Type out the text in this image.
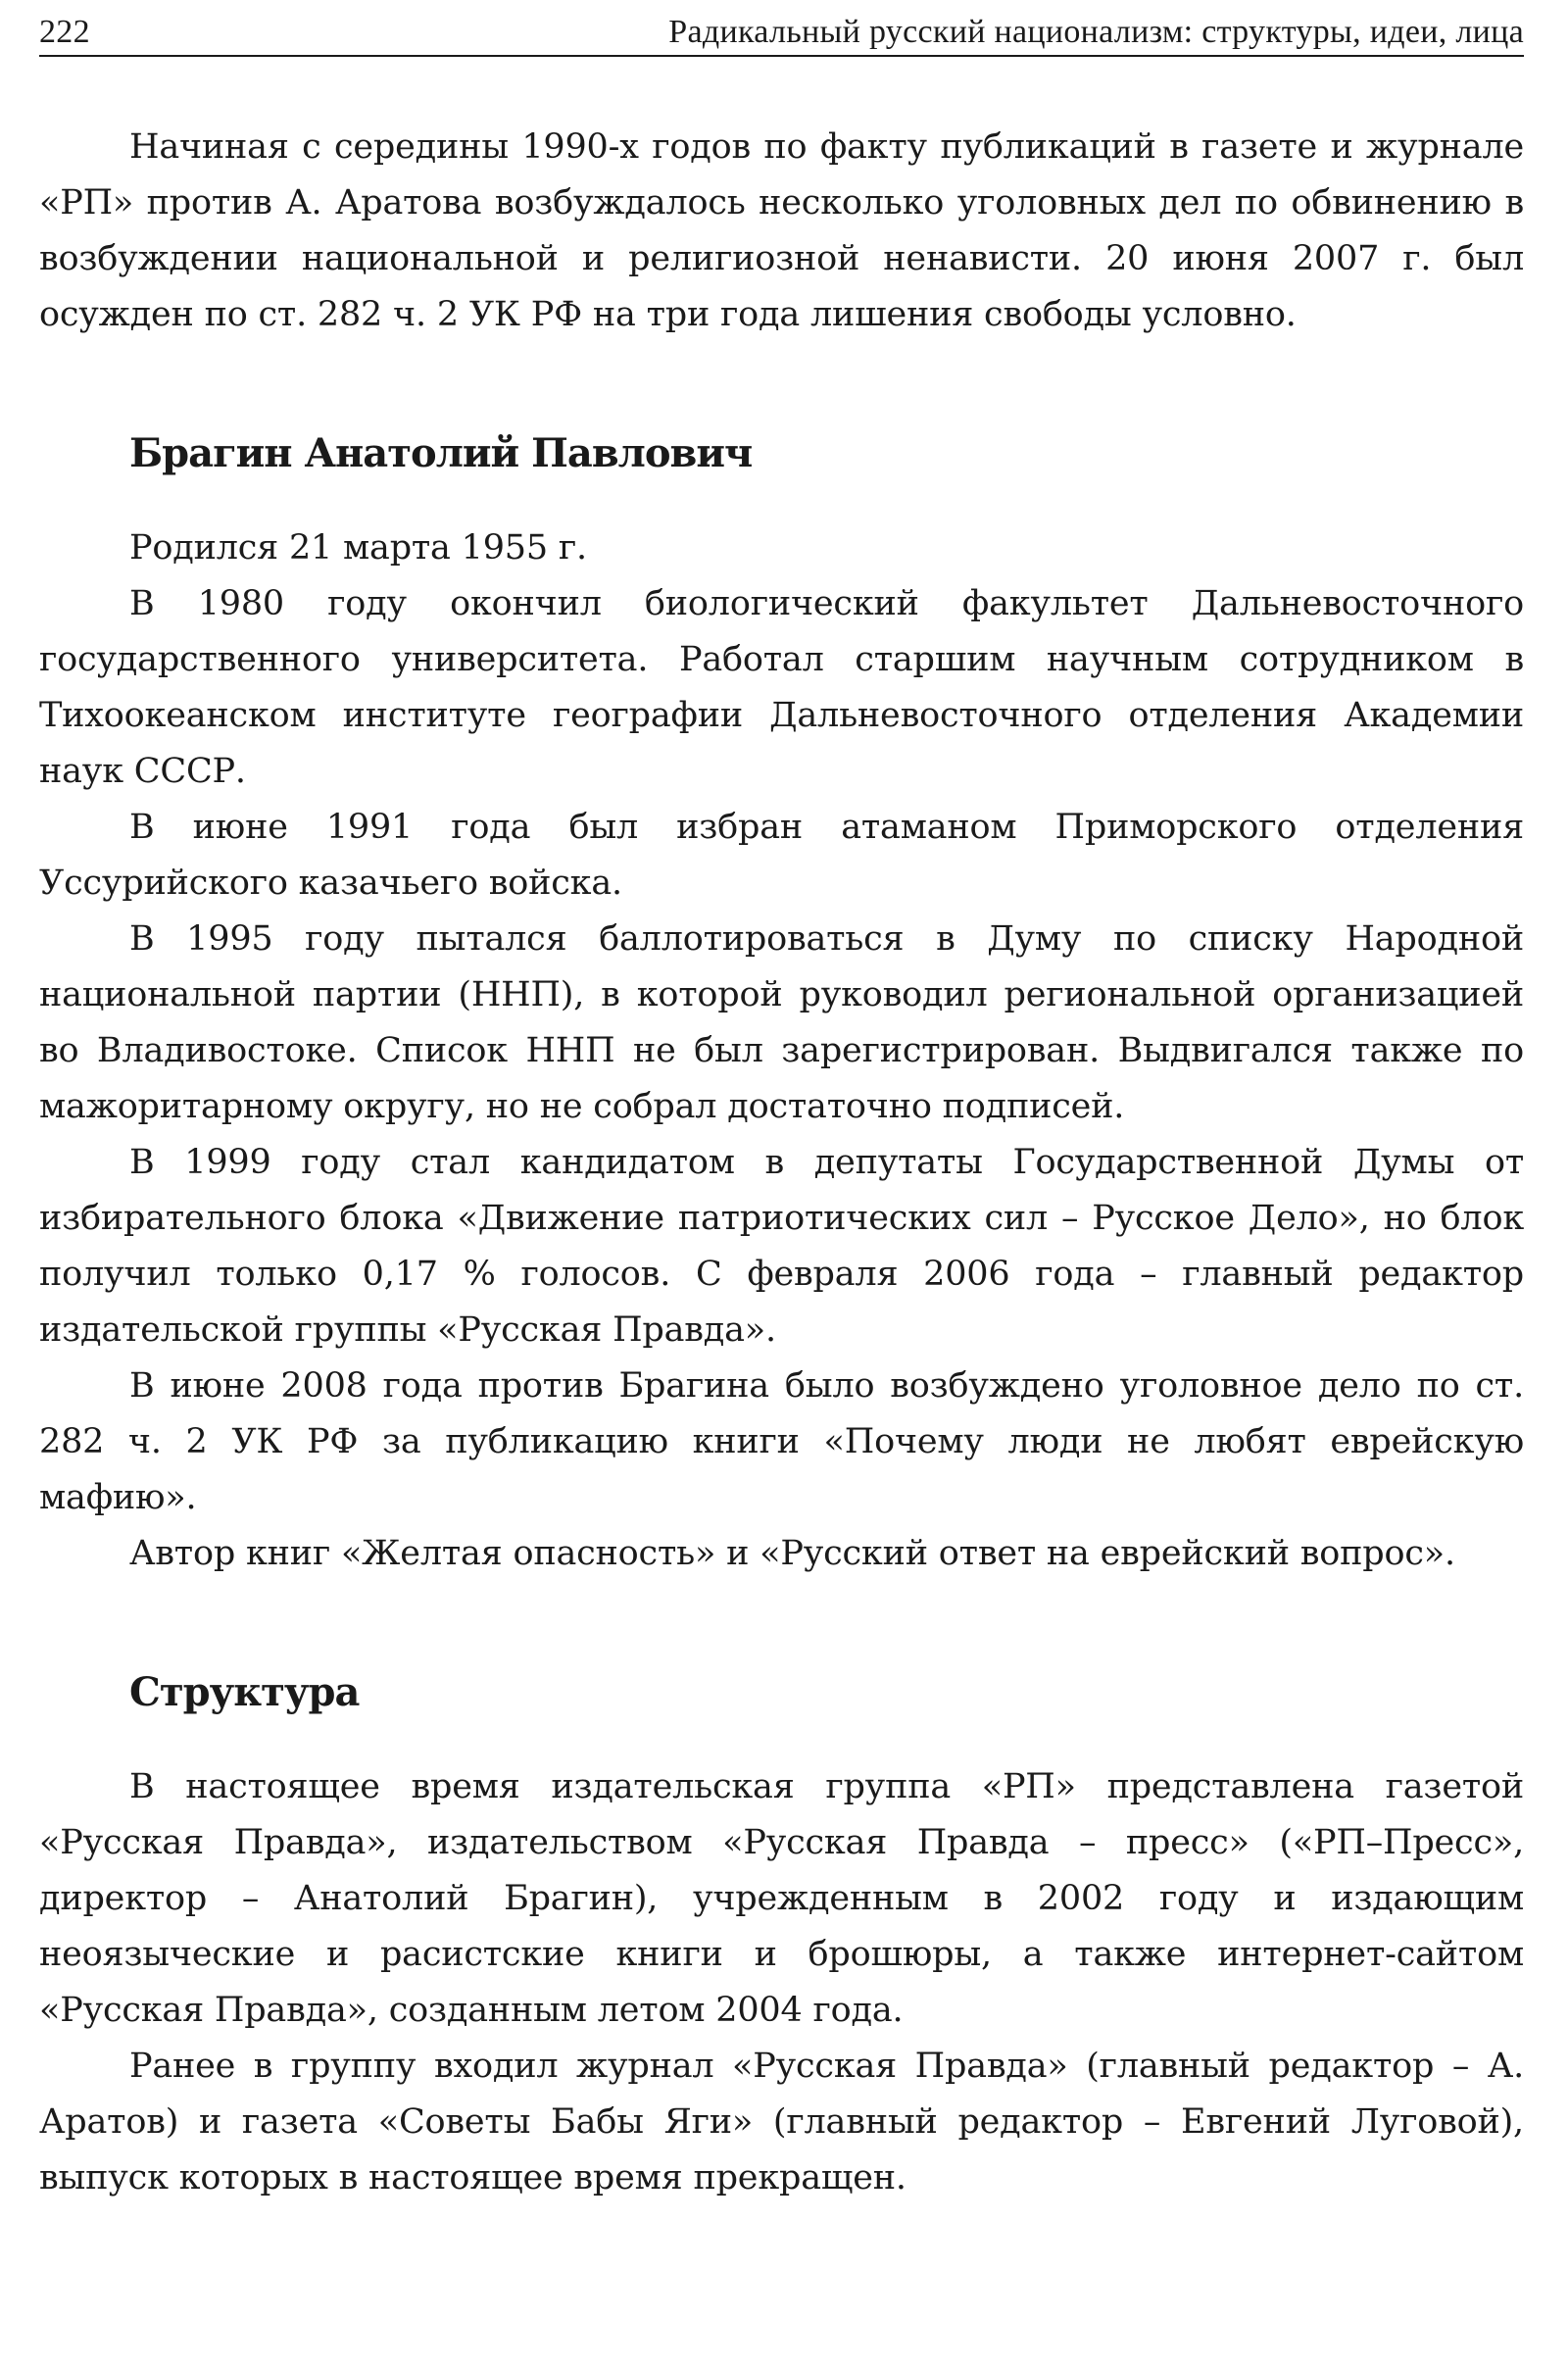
222	Радикальный русский национализм: структуры, идеи, лица

Начиная с середины 1990-х годов по факту публикаций в газете и журнале «РП» против А. Аратова возбуждалось несколько уголовных дел по обвинению в возбуждении национальной и религиозной ненависти. 20 июня 2007 г. был осужден по ст. 282 ч. 2 УК РФ на три года лишения свободы условно.

Брагин Анатолий Павлович

Родился 21 марта 1955 г.

В 1980 году окончил биологический факультет Дальневосточного государственного университета. Работал старшим научным сотрудником в Тихоокеанском институте географии Дальневосточного отделения Академии наук СССР.

В июне 1991 года был избран атаманом Приморского отделения Уссурийского казачьего войска.

В 1995 году пытался баллотироваться в Думу по списку Народной национальной партии (ННП), в которой руководил региональной организацией во Владивостоке. Список ННП не был зарегистрирован. Выдвигался также по мажоритарному округу, но не собрал достаточно подписей.

В 1999 году стал кандидатом в депутаты Государственной Думы от избирательного блока «Движение патриотических сил – Русское Дело», но блок получил только 0,17 % голосов. С февраля 2006 года – главный редактор издательской группы «Русская Правда».

В июне 2008 года против Брагина было возбуждено уголовное дело по ст. 282 ч. 2 УК РФ за публикацию книги «Почему люди не любят еврейскую мафию».

Автор книг «Желтая опасность» и «Русский ответ на еврейский вопрос».

Структура

В настоящее время издательская группа «РП» представлена газетой «Русская Правда», издательством «Русская Правда – пресс» («РП–Пресс», директор – Анатолий Брагин), учрежденным в 2002 году и издающим неоязыческие и расистские книги и брошюры, а также интернет-сайтом «Русская Правда», созданным летом 2004 года.

Ранее в группу входил журнал «Русская Правда» (главный редактор – А. Аратов) и газета «Советы Бабы Яги» (главный редактор – Евгений Луговой), выпуск которых в настоящее время прекращен.
